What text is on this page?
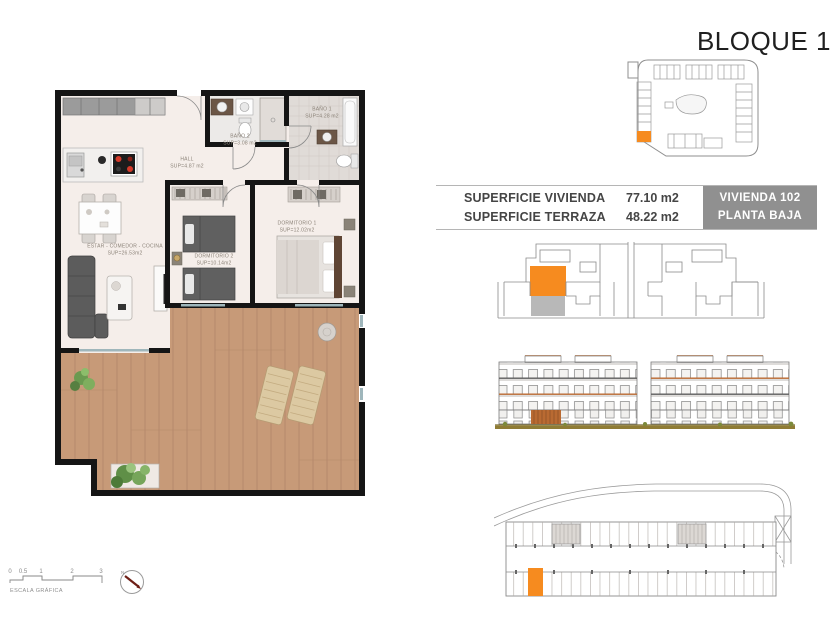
BLOQUE 1
SUPERFICIE VIVIENDA	77.10 m2
SUPERFICIE TERRAZA	48.22 m2
VIVIENDA 102
PLANTA BAJA
HALL
SUP=4.87 m2
BAÑO 2
SUP=3.08 m2
BAÑO 1
SUP=4.28 m2
ESTAR - COMEDOR - COCINA
SUP=26.53m2
DORMITORIO 2
SUP=10.14m2
DORMITORIO 1
SUP=12.02m2
0 0.5 1	2	3
ESCALA GRÁFICA
N
